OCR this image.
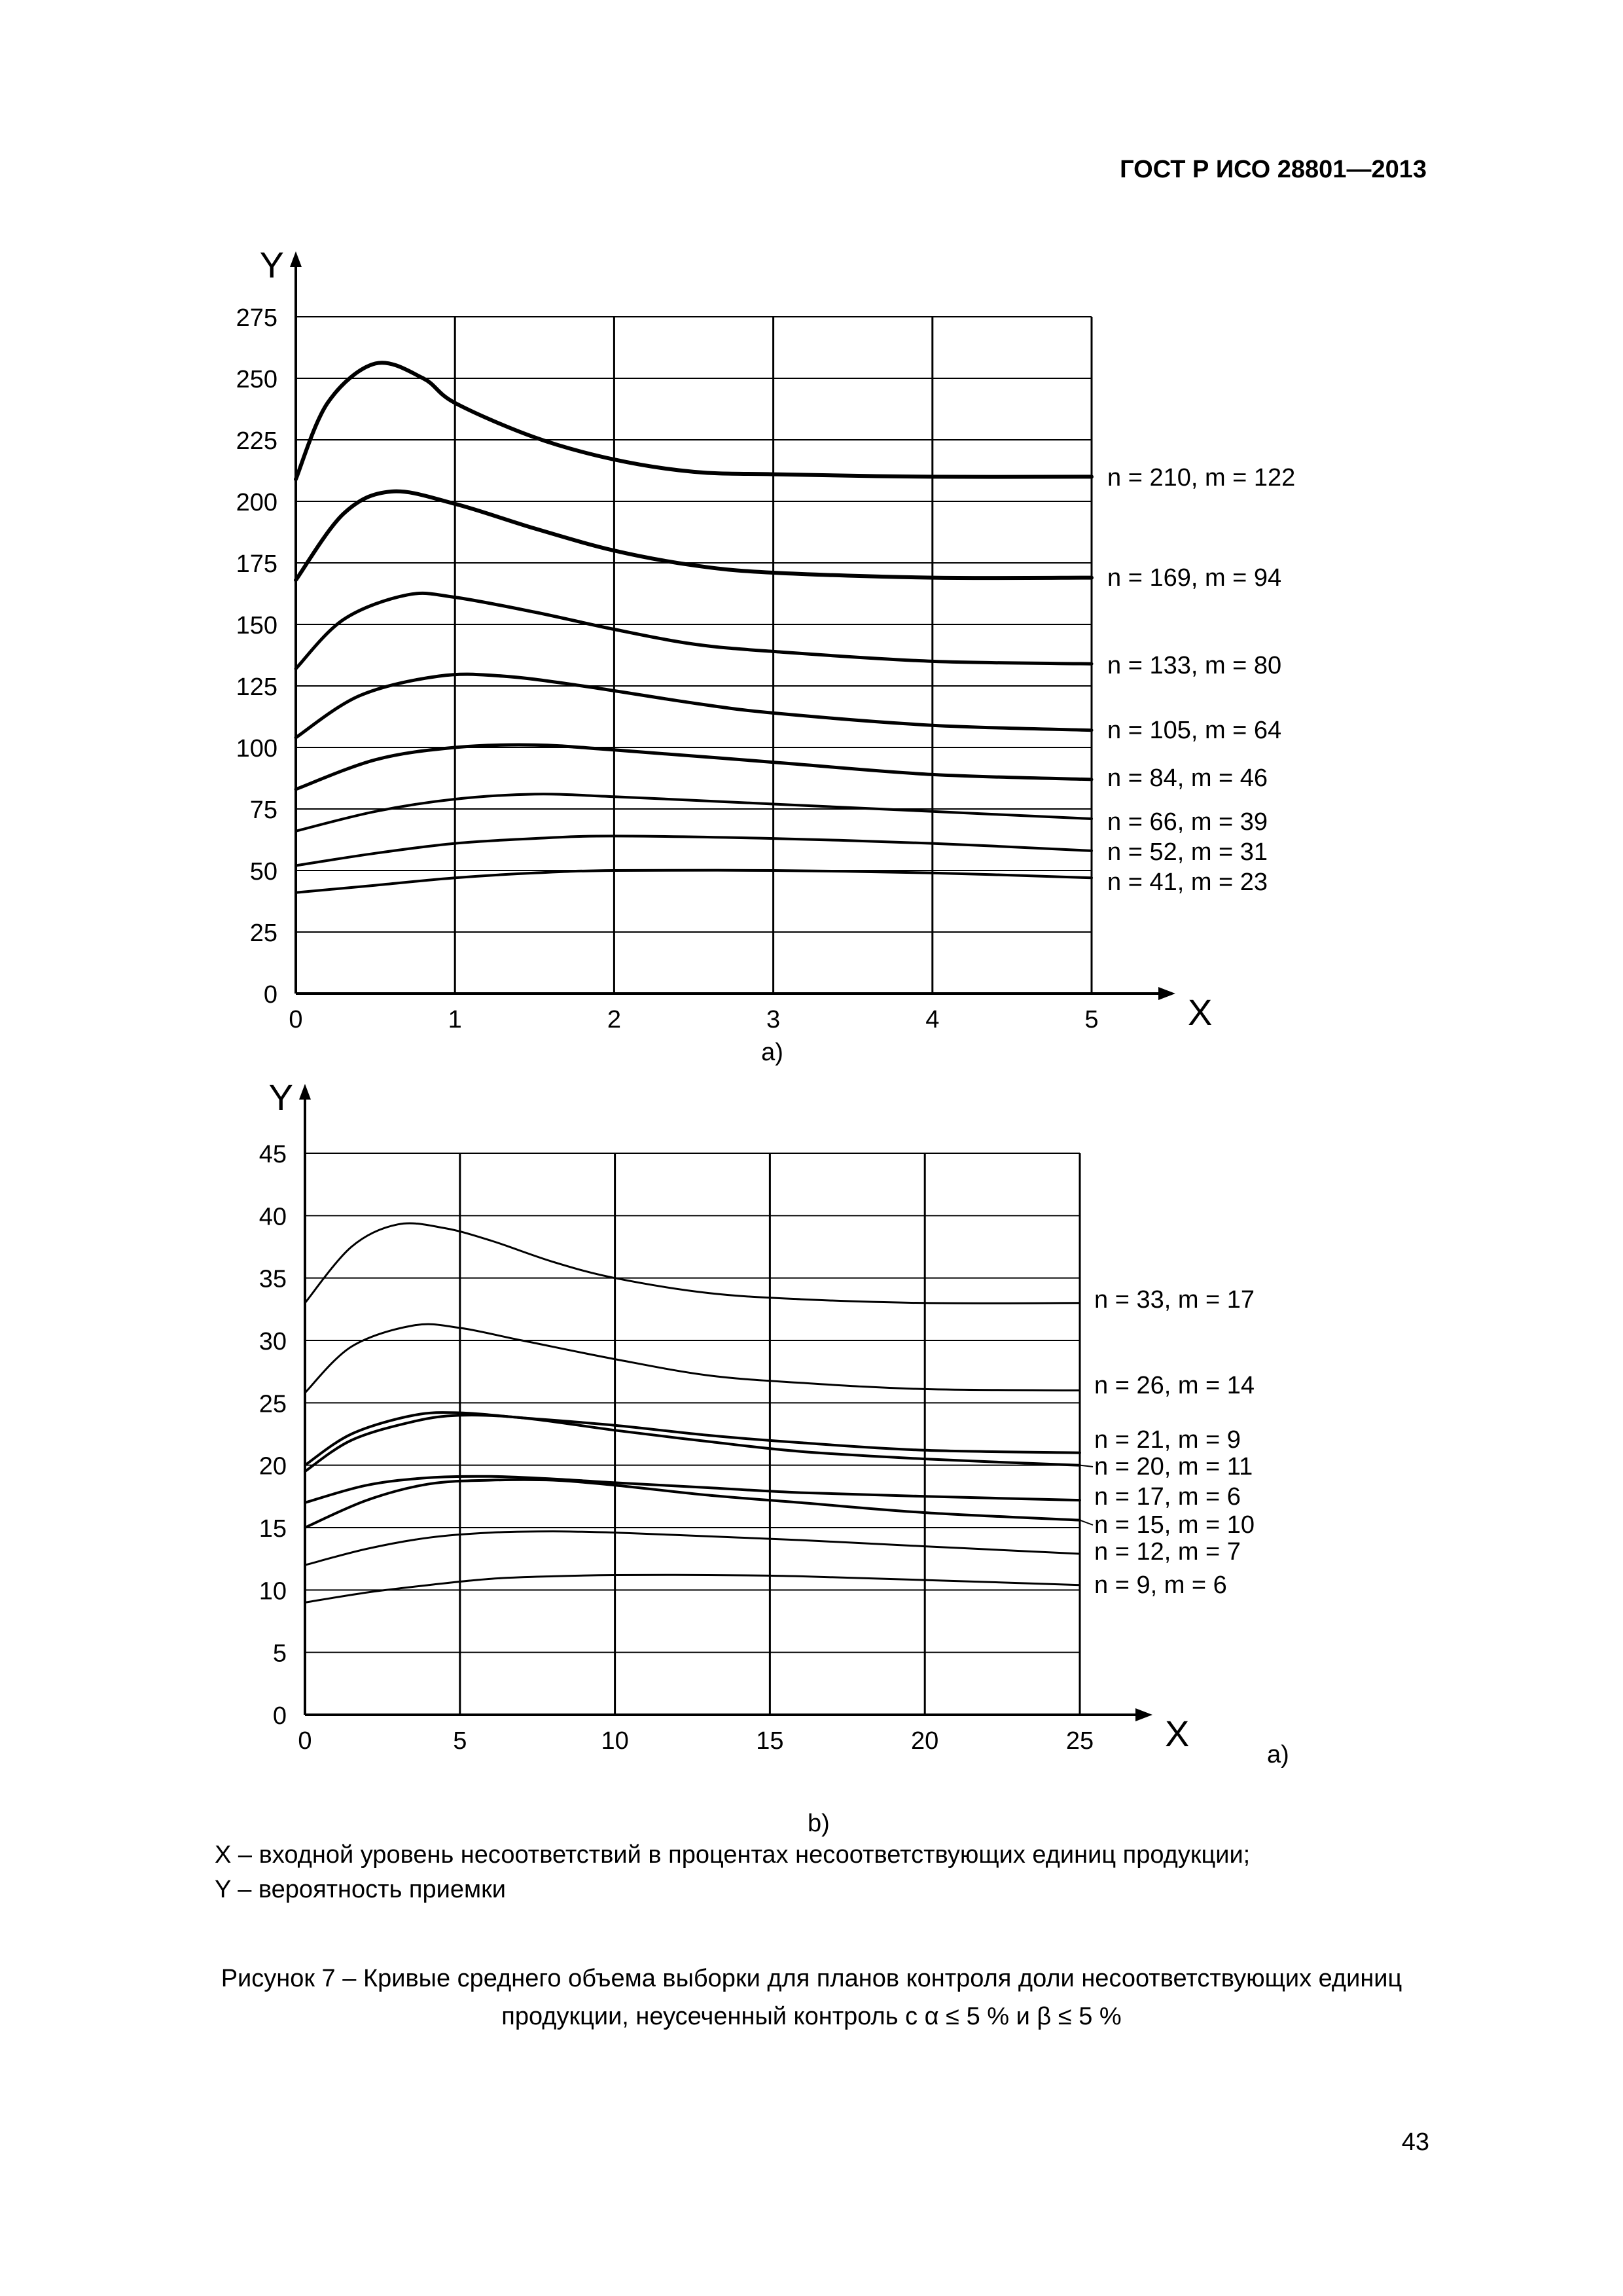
ГОСТ Р ИСО 28801—2013
0	1	2	3	4	5
0
25
50
75
100
125
150
175
200
225
250
275
X
Y
n = 210, m = 122
n = 169, m = 94
n = 133, m = 80
n = 105, m = 64
n = 84, m = 46
n = 66, m = 39
n = 52, m = 31
n = 41, m = 23
a)
0	5	10	15	20	25
0
5
10
15
20
25
30
35
40
45
X
Y
n = 33, m = 17
n = 26, m = 14
n = 21, m = 9
n = 20, m = 11
n = 17, m = 6
n = 15, m = 10
n = 12, m = 7
n = 9, m = 6
a)
b)
X – входной уровень несоответствий в процентах несоответствующих единиц продукции;
Y – вероятность приемки
Рисунок 7 – Кривые среднего объема выборки для планов контроля доли несоответствующих единиц
продукции, неусеченный контроль с α ≤ 5 % и β ≤ 5 %
43
